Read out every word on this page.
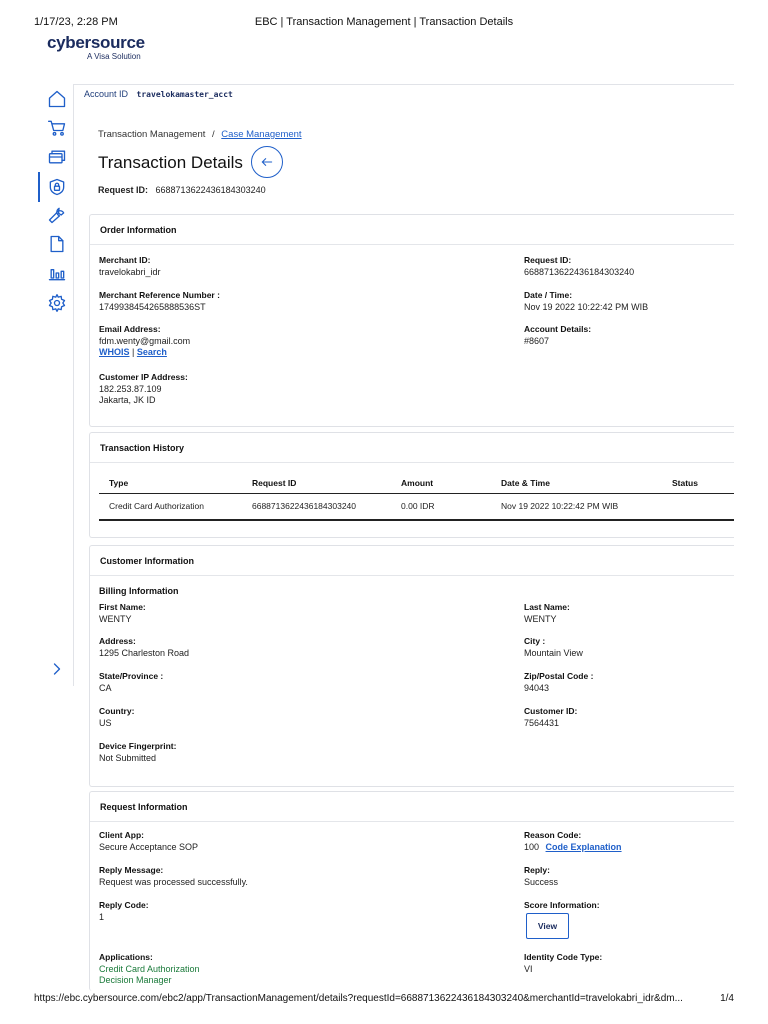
1/17/23, 2:28 PM	EBC | Transaction Management | Transaction Details
cybersource
A Visa Solution
Account ID travelokamaster_acct
Transaction Management / Case Management
Transaction Details
Request ID: 6688713622436184303240
Order Information
Merchant ID:
travelokabri_idr
Merchant Reference Number :
1749938454265888536ST
Email Address:
fdm.wenty@gmail.com
WHOIS | Search
Customer IP Address:
182.253.87.109
Jakarta, JK ID
Request ID:
6688713622436184303240
Date / Time:
Nov 19 2022 10:22:42 PM WIB
Account Details:
#8607
Transaction History
Type	Request ID	Amount	Date & Time	Status
Credit Card Authorization	6688713622436184303240	0.00 IDR	Nov 19 2022 10:22:42 PM WIB	
Customer Information
Billing Information
First Name:
WENTY
Address:
1295 Charleston Road
State/Province :
CA
Country:
US
Device Fingerprint:
Not Submitted
Last Name:
WENTY
City :
Mountain View
Zip/Postal Code :
94043
Customer ID:
7564431
Request Information
Client App:
Secure Acceptance SOP
Reply Message:
Request was processed successfully.
Reply Code:
1
Applications:
Credit Card Authorization
Decision Manager
Reason Code:
100 Code Explanation
Reply:
Success
Score Information:
View
Identity Code Type:
VI
https://ebc.cybersource.com/ebc2/app/TransactionManagement/details?requestId=6688713622436184303240&merchantId=travelokabri_idr&dm...	1/4
